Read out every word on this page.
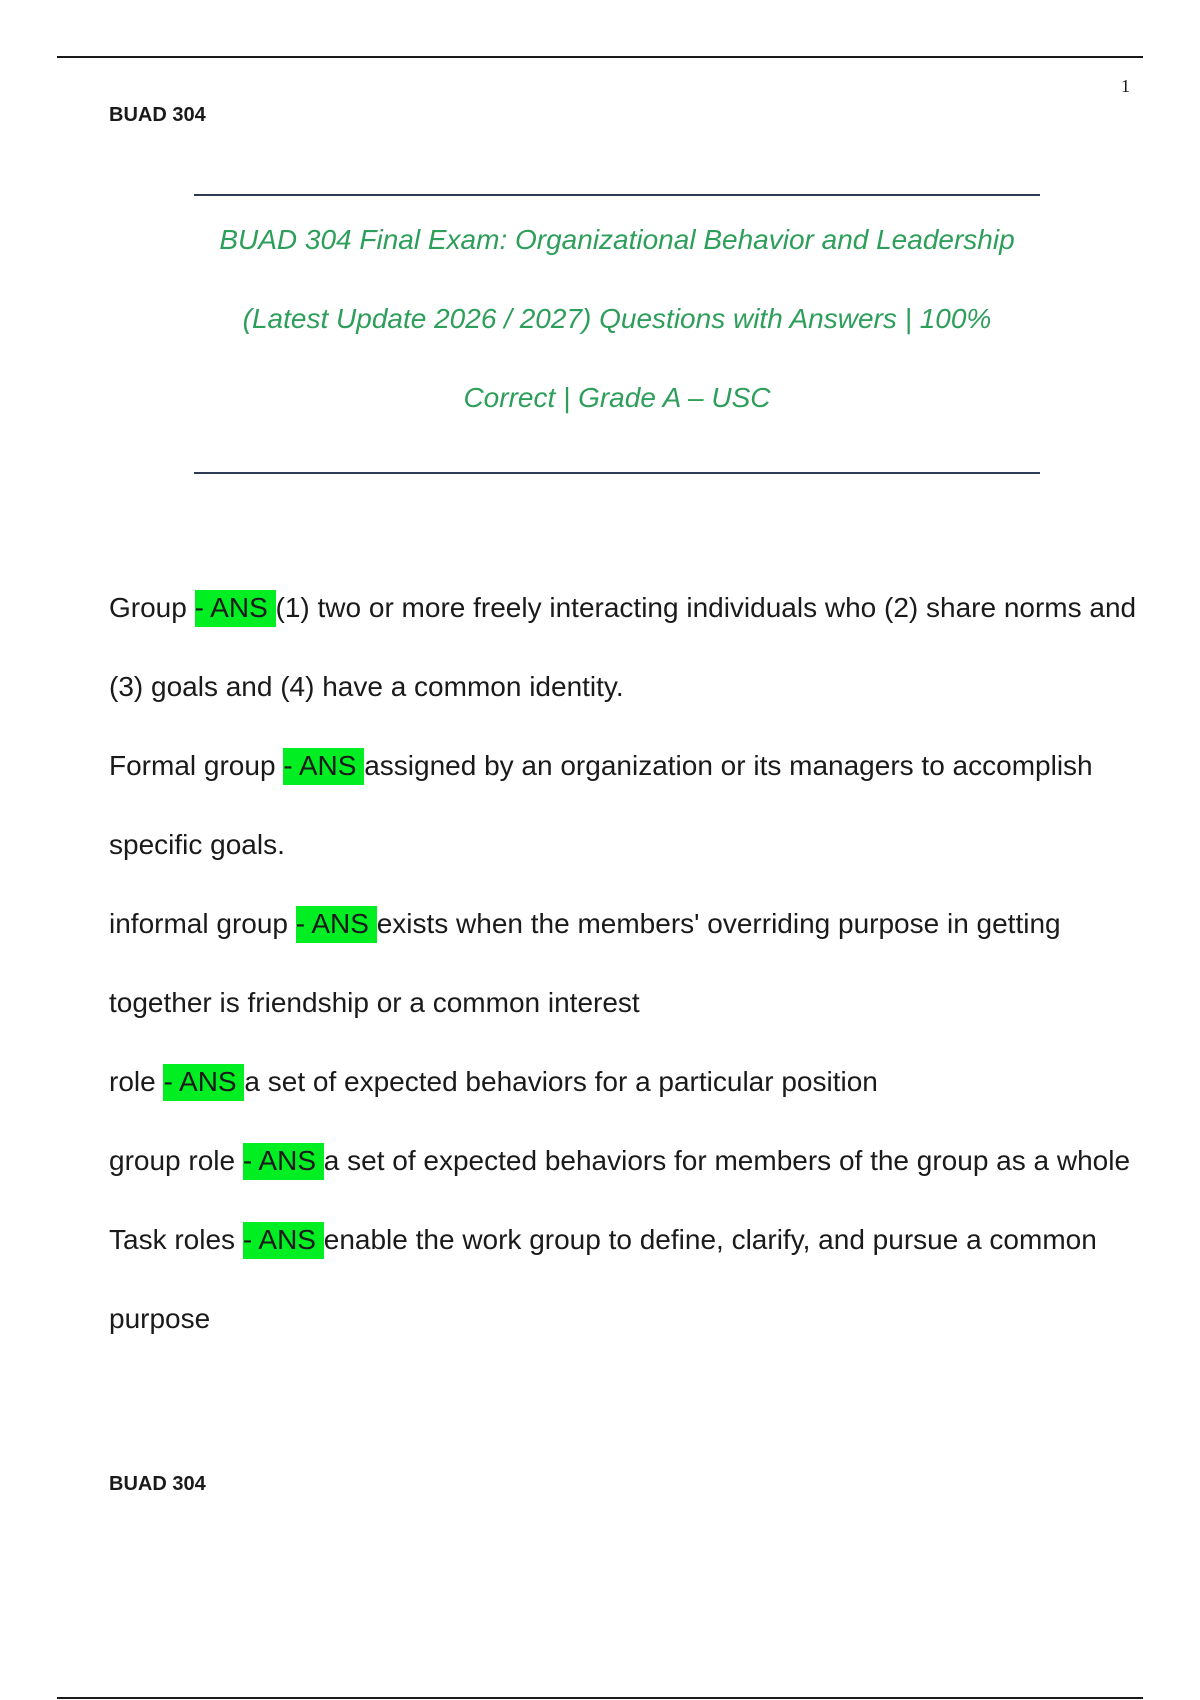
1
BUAD 304
BUAD 304 Final Exam: Organizational Behavior and Leadership
(Latest Update 2026 / 2027) Questions with Answers | 100%
Correct | Grade A – USC

Group - ANS (1) two or more freely interacting individuals who (2) share norms and (3) goals and (4) have a common identity.

Formal group - ANS assigned by an organization or its managers to accomplish specific goals.

informal group - ANS exists when the members' overriding purpose in getting together is friendship or a common interest

role - ANS a set of expected behaviors for a particular position

group role - ANS a set of expected behaviors for members of the group as a whole

Task roles - ANS enable the work group to define, clarify, and pursue a common purpose

BUAD 304
